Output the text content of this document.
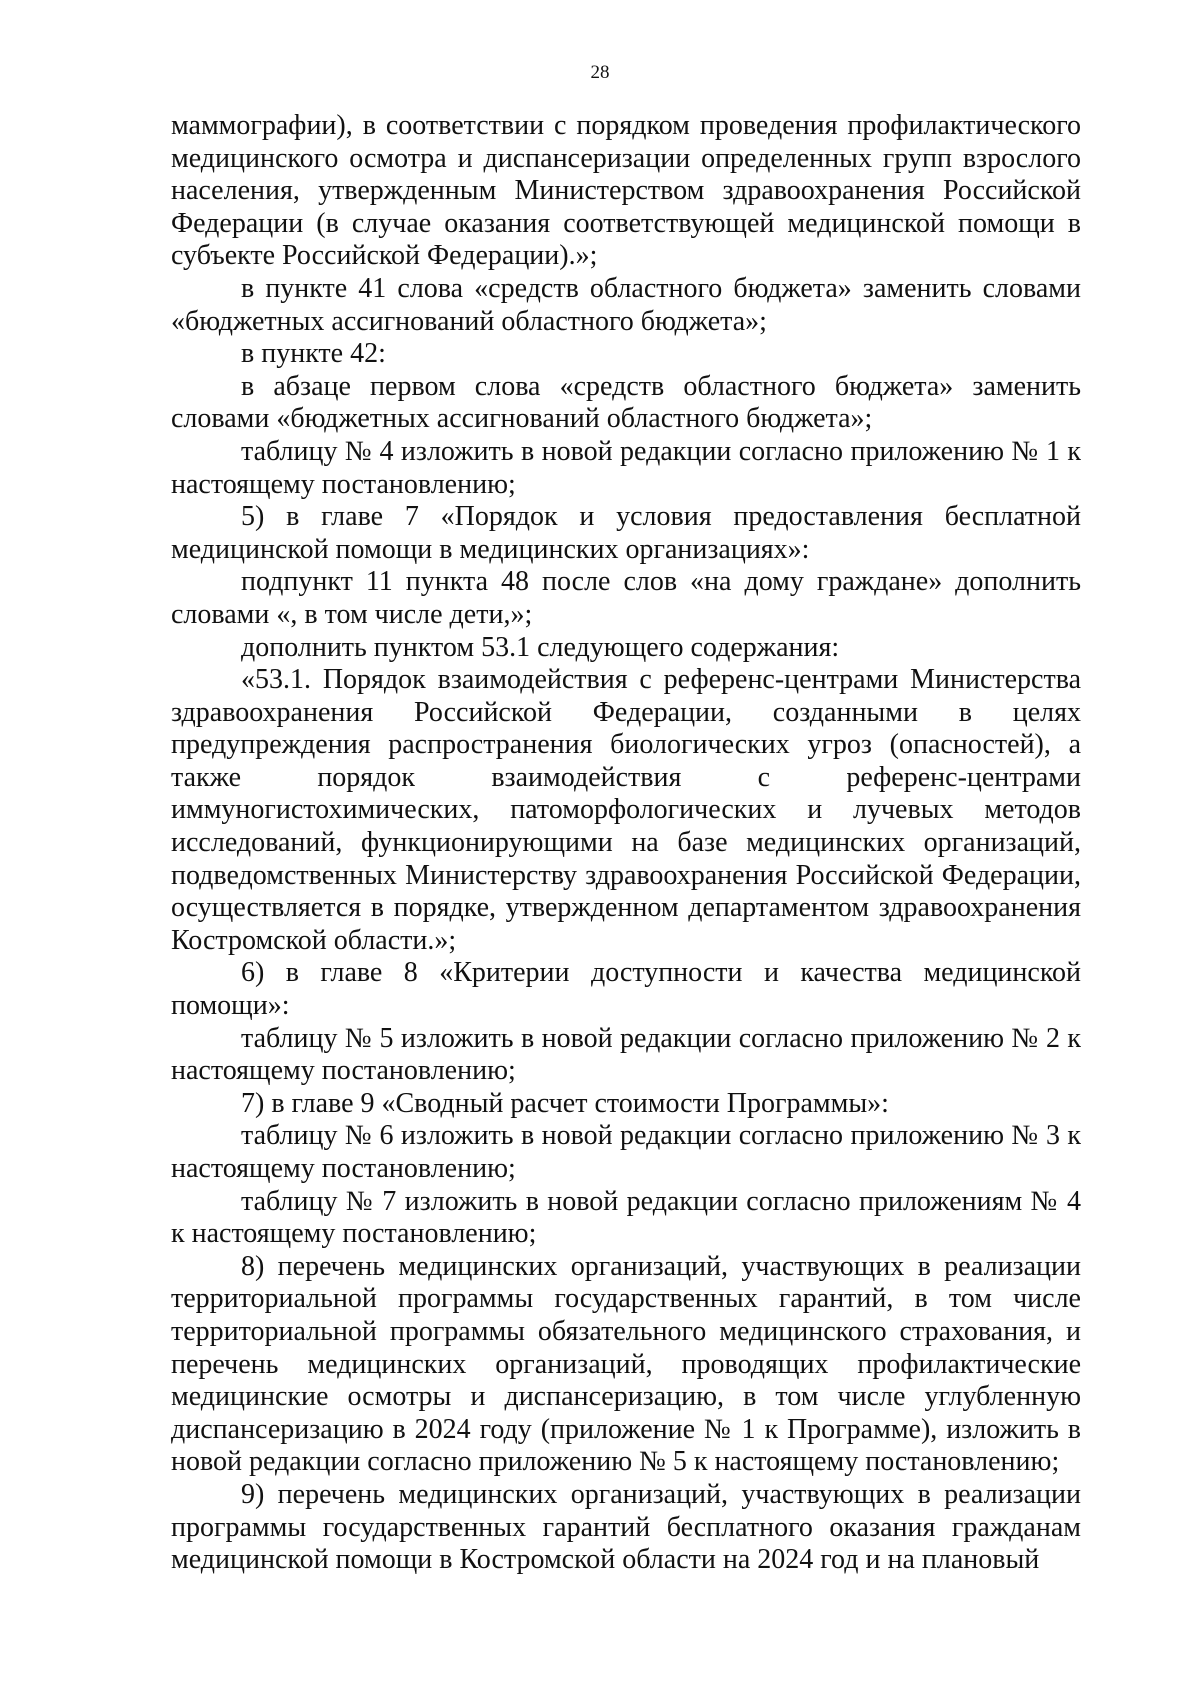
28

маммографии), в соответствии с порядком проведения профилактического медицинского осмотра и диспансеризации определенных групп взрослого населения, утвержденным Министерством здравоохранения Российской Федерации (в случае оказания соответствующей медицинской помощи в субъекте Российской Федерации).»;

в пункте 41 слова «средств областного бюджета» заменить словами «бюджетных ассигнований областного бюджета»;

в пункте 42:

в абзаце первом слова «средств областного бюджета» заменить словами «бюджетных ассигнований областного бюджета»;

таблицу № 4 изложить в новой редакции согласно приложению № 1 к настоящему постановлению;

5) в главе 7 «Порядок и условия предоставления бесплатной медицинской помощи в медицинских организациях»:

подпункт 11 пункта 48 после слов «на дому граждане» дополнить словами «, в том числе дети,»;

дополнить пунктом 53.1 следующего содержания:

«53.1. Порядок взаимодействия с референс-центрами Министерства здравоохранения Российской Федерации, созданными в целях предупреждения распространения биологических угроз (опасностей), а также порядок взаимодействия с референс-центрами иммуногистохимических, патоморфологических и лучевых методов исследований, функционирующими на базе медицинских организаций, подведомственных Министерству здравоохранения Российской Федерации, осуществляется в порядке, утвержденном департаментом здравоохранения Костромской области.»;

6) в главе 8 «Критерии доступности и качества медицинской помощи»:

таблицу № 5 изложить в новой редакции согласно приложению № 2 к настоящему постановлению;

7) в главе 9 «Сводный расчет стоимости Программы»:

таблицу № 6 изложить в новой редакции согласно приложению № 3 к настоящему постановлению;

таблицу № 7 изложить в новой редакции согласно приложениям № 4 к настоящему постановлению;

8) перечень медицинских организаций, участвующих в реализации территориальной программы государственных гарантий, в том числе территориальной программы обязательного медицинского страхования, и перечень медицинских организаций, проводящих профилактические медицинские осмотры и диспансеризацию, в том числе углубленную диспансеризацию в 2024 году (приложение № 1 к Программе), изложить в новой редакции согласно приложению № 5 к настоящему постановлению;

9) перечень медицинских организаций, участвующих в реализации программы государственных гарантий бесплатного оказания гражданам медицинской помощи в Костромской области на 2024 год и на плановый
